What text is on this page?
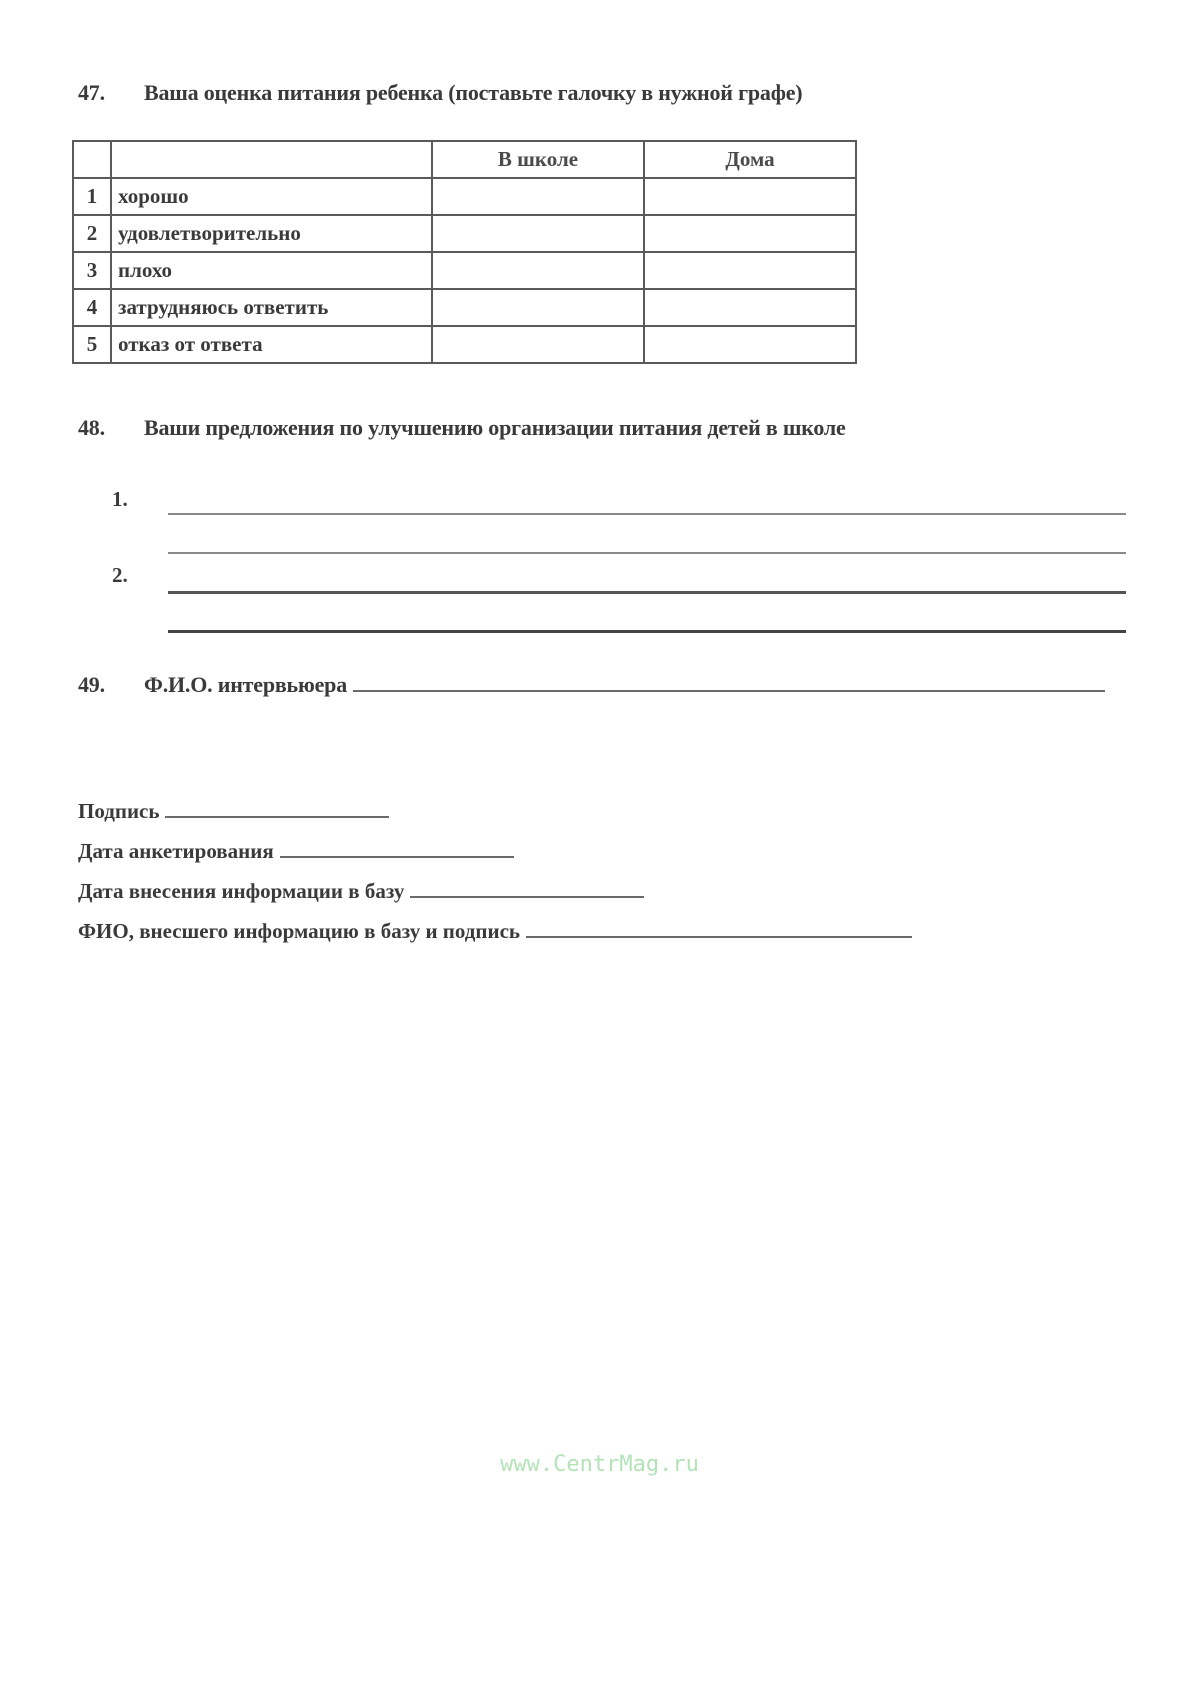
47. Ваша оценка питания ребенка (поставьте галочку в нужной графе)
		В школе	Дома
1	хорошо		
2	удовлетворительно		
3	плохо		
4	затрудняюсь ответить		
5	отказ от ответа		
48. Ваши предложения по улучшению организации питания детей в школе
1.
2.
49. Ф.И.О. интервьюера
Подпись
Дата анкетирования
Дата внесения информации в базу
ФИО, внесшего информацию в базу и подпись
www.CentrMag.ru
